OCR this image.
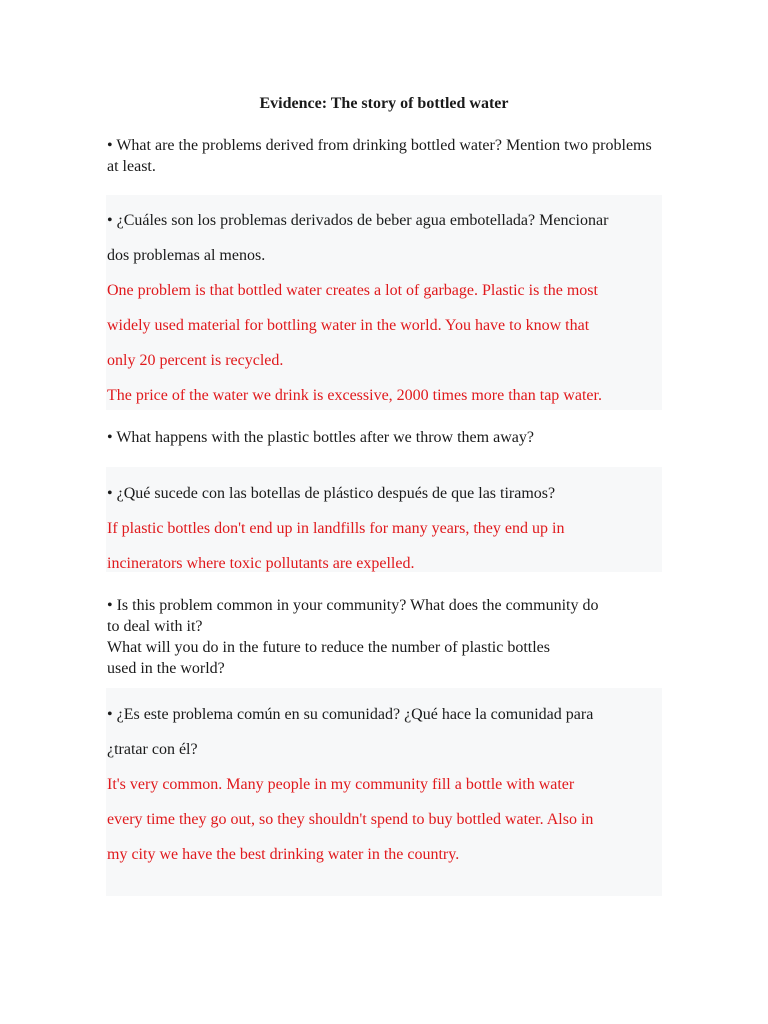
Evidence: The story of bottled water

• What are the problems derived from drinking bottled water? Mention two problems at least.

• ¿Cuáles son los problemas derivados de beber agua embotellada? Mencionar

dos problemas al menos.

One problem is that bottled water creates a lot of garbage. Plastic is the most

widely used material for bottling water in the world. You have to know that

only 20 percent is recycled.

The price of the water we drink is excessive, 2000 times more than tap water.

• What happens with the plastic bottles after we throw them away?

• ¿Qué sucede con las botellas de plástico después de que las tiramos?

If plastic bottles don't end up in landfills for many years, they end up in

incinerators where toxic pollutants are expelled.

• Is this problem common in your community? What does the community do
to deal with it?
What will you do in the future to reduce the number of plastic bottles
used in the world?

• ¿Es este problema común en su comunidad? ¿Qué hace la comunidad para

¿tratar con él?

It's very common. Many people in my community fill a bottle with water

every time they go out, so they shouldn't spend to buy bottled water. Also in

my city we have the best drinking water in the country.
